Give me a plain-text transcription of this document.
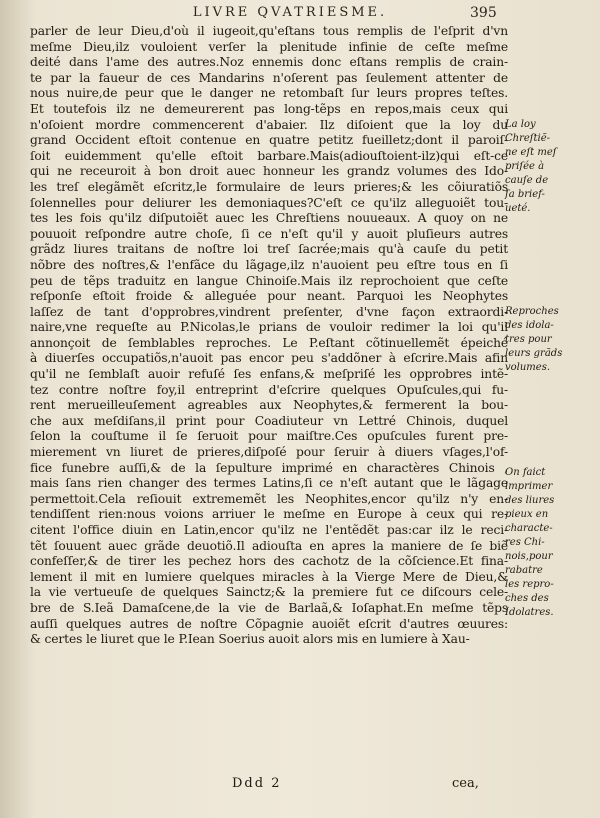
LIVRE QVATRIESME.	395
parler de leur Dieu,d'où il iugeoit,qu'eſtans tous remplis de l'eſprit d'vn
meſme Dieu,ilz vouloient verſer la plenitude infinie de ceſte meſme
deité dans l'ame des autres.Noz ennemis donc eſtans remplis de crain-
te par la faueur de ces Mandarins n'oſerent pas ſeulement attenter de
nous nuire,de peur que le danger ne retombaſt ſur leurs propres teſtes.
Et toutefois ilz ne demeurerent pas long-tẽps en repos,mais ceux qui
n'oſoient mordre commencerent d'abaier. Ilz diſoient que la loy du
grand Occident eſtoit contenue en quatre petitz fueilletz;dont il paroiſ-
ſoit euidemment qu'elle eſtoit barbare.Mais(adiouſtoient-ilz)qui eſt-ce
qui ne receuroit à bon droit auec honneur les grandz volumes des Ido-
les treſ elegãmẽt eſcritz,le formulaire de leurs prieres;& les cõiuratiõs
ſolennelles pour deliurer les demoniaques?C'eſt ce qu'ilz alleguoiẽt tou-
tes les fois qu'ilz diſputoiẽt auec les Chreſtiens nouueaux. A quoy on ne
pouuoit reſpondre autre choſe, ſi ce n'eſt qu'il y auoit pluſieurs autres
grãdz liures traitans de noſtre loi treſ ſacrée;mais qu'à cauſe du petit
nõbre des noſtres,& l'enfãce du lãgage,ilz n'auoient peu eſtre tous en ſi
peu de tẽps traduitz en langue Chinoiſe.Mais ilz reprochoient que ceſte
reſponſe eſtoit froide & alleguée pour neant. Parquoi les Neophytes
laſſez de tant d'opprobres,vindrent preſenter, d'vne façon extraordi-
naire,vne requeſte au P.Nicolas,le prians de vouloir redimer la loi qu'il
annonçoit de ſemblables reproches. Le P.eſtant cõtinuellemẽt épeiché
à diuerſes occupatiõs,n'auoit pas encor peu s'addõner à eſcrire.Mais afin
qu'il ne ſemblaſt auoir refuſé ſes enfans,& meſpriſé les opprobres intẽ-
tez contre noſtre foy,il entreprint d'eſcrire quelques Opuſcules,qui fu-
rent merueilleuſement agreables aux Neophytes,& fermerent la bou-
che aux meſdiſans,il print pour Coadiuteur vn Lettré Chinois, duquel
ſelon la couſtume il ſe ſeruoit pour maiſtre.Ces opuſcules furent pre-
mierement vn liuret de prieres,diſpoſé pour ſeruir à diuers vſages,l'of-
fice funebre auſſi,& de la ſepulture imprimé en charactères Chinois ,
mais ſans rien changer des termes Latins,ſi ce n'eſt autant que le lãgage
permettoit.Cela reſiouit extrememẽt les Neophites,encor qu'ilz n'y en-
tendiſſent rien:nous voions arriuer le meſme en Europe à ceux qui re-
citent l'office diuin en Latin,encor qu'ilz ne l'entẽdẽt pas:car ilz le reci-
tẽt ſouuent auec grãde deuotiõ.Il adiouſta en apres la maniere de ſe biẽ
confeſſer,& de tirer les pechez hors des cachotz de la cõſcience.Et fina-
lement il mit en lumiere quelques miracles à la Vierge Mere de Dieu,&
la vie vertueuſe de quelques Sainctz;& la premiere fut ce diſcours cele-
bre de S.Ieã Damaſcene,de la vie de Barlaã,& Ioſaphat.En meſme tẽps
auſſi quelques autres de noſtre Cõpagnie auoiẽt eſcrit d'autres œuures:
& certes le liuret que le P.Iean Soerius auoit alors mis en lumiere à Xau-
La loy
Chreſtiẽ-
ne eſt meſ
priſée à
cauſe de
ſa brief-
ueté.
Reproches
des idola-
tres pour
leurs grãds
volumes.
On faict
imprimer
des liures
pieux en
characte-
res Chi-
nois,pour
rabatre
les repro-
ches des
Idolatres.
Ddd 2	cea,
